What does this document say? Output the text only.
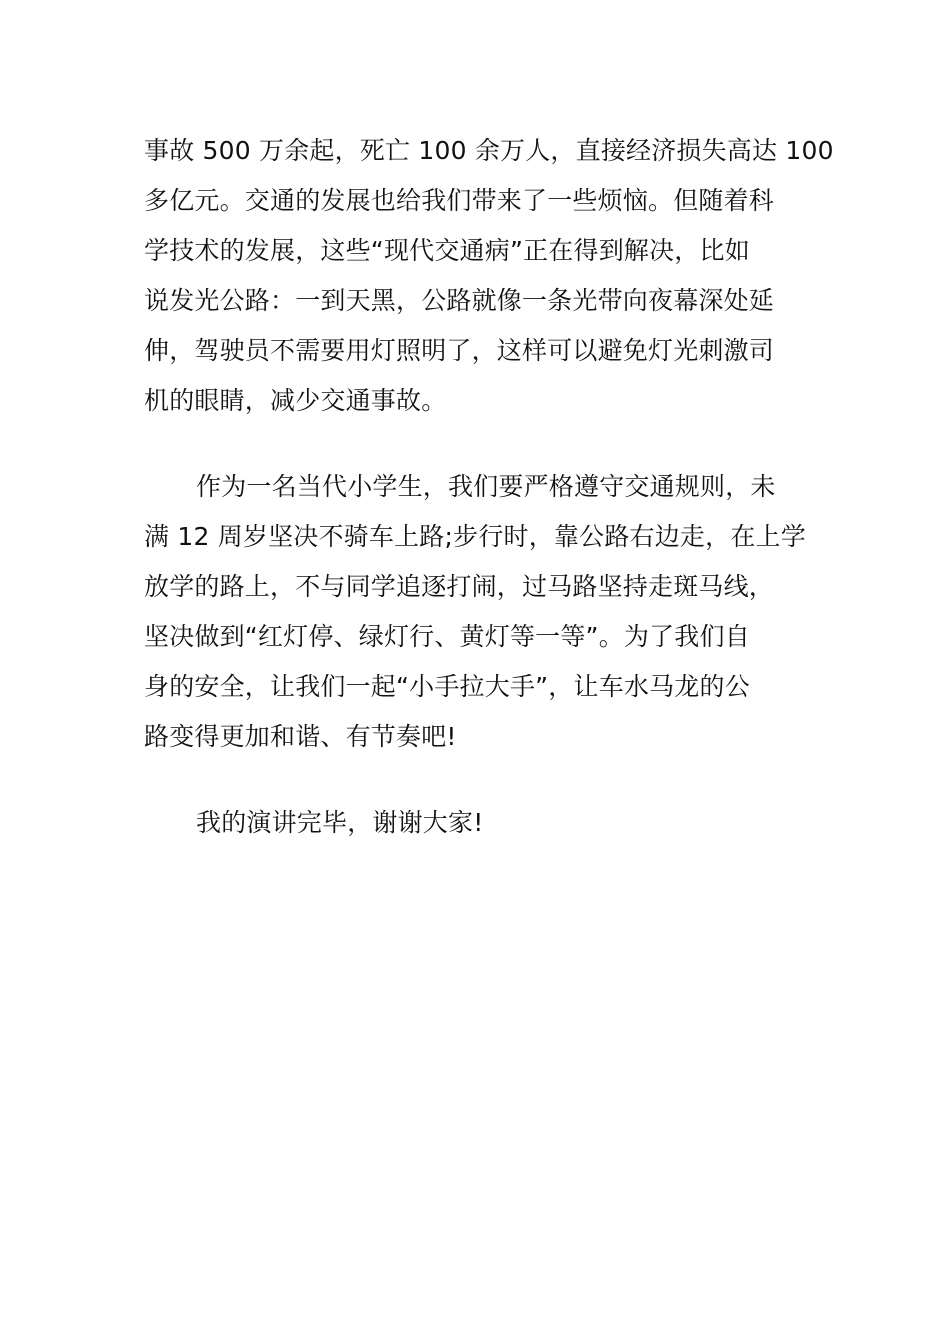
事故 500 万余起，死亡 100 余万人，直接经济损失高达 100
多亿元。交通的发展也给我们带来了一些烦恼。但随着科
学技术的发展，这些“现代交通病”正在得到解决，比如
说发光公路：一到天黑，公路就像一条光带向夜幕深处延
伸，驾驶员不需要用灯照明了，这样可以避免灯光刺激司
机的眼睛，减少交通事故。
作为一名当代小学生，我们要严格遵守交通规则，未
满 12 周岁坚决不骑车上路;步行时，靠公路右边走，在上学
放学的路上，不与同学追逐打闹，过马路坚持走斑马线，
坚决做到“红灯停、绿灯行、黄灯等一等”。为了我们自
身的安全，让我们一起“小手拉大手”，让车水马龙的公
路变得更加和谐、有节奏吧!
我的演讲完毕，谢谢大家!
